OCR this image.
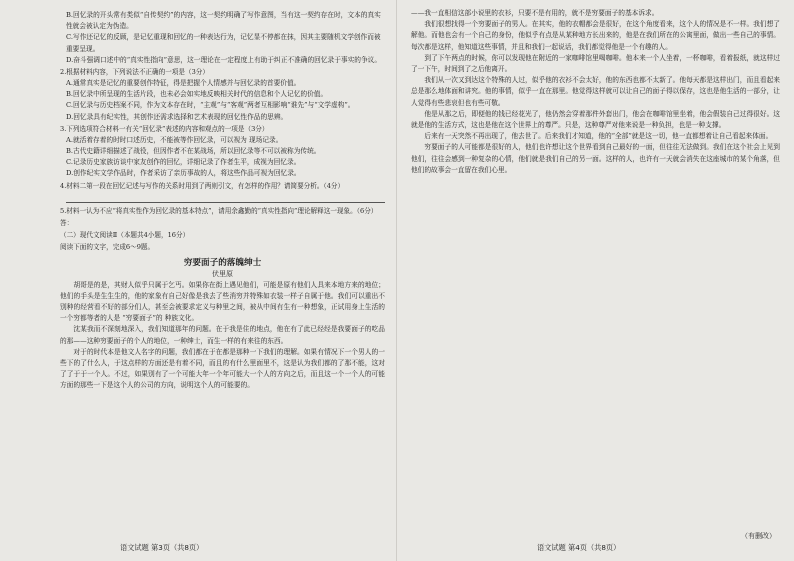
B.回忆录的开头常有类似“自传契约”的内容，这一契约明确了写作意图，当有这一契约存在时，文本的真实性就会被认定为伪造。

C.写作还记忆的反顾，是记忆重现和回忆的一种表达行为，记忆显不停都在抹，因其主要随机文学创作而被重要呈现。

D.奋斗强调口述中的“真实性指向”意思，这一理论在一定程度上有助于纠正不准确的回忆录于事实的争议。

2.根据材料内容，下列说法不正确的一项是（3分）

A.通常真实是记忆的重要创作特征，得是把握个人情感并与回忆录的首要价值。

B.回忆录中所呈现的生活片段，也未必会如实地反映相关时代的信息和个人记忆的价值。

C.回忆录与历史档案不同，作为文本存在时，“主观”与“客观”两者互相影响“谁先”与“文学虚构”。

D.回忆录具有纪实性，其创作还需求选择和艺术表现的回忆性作品的思辨。

3.下列选项符合材料一有关“回忆录”表述的内容和观点的一项是（3分）

A.就活着存着的时时口述历史，不能被等作回忆录，可以视为 现场记录。

B.古代史籍详细描述了战役，但因作者不在某战场，所以回忆录等不可以被称为传统。

C.记录历史家族访谈中家友创作的回忆，详细记录了作者生平，成视为回忆录。

D.创作纪实文学作品时，作者采访了亲历事故的人，将这些作品可视为回忆录。

4.材料二第一段在回忆记述与写作的关系时用到了两则引文，有怎样的作用？请简要分析。（4分）

5.材料一认为不应“将真实性作为回忆录的基本特点”，请用余鑫勤的“真实性指向”理论解释这一现象。（6分）

答：

（二）现代文阅读Ⅱ（本题共4小题，16分）

阅读下面的文字，完成6～9题。

穷要面子的落魄绅士
伏里原

胡哥是的是，其财人似乎只属于乞丐。如果你在街上遇见他们，可能是原有他们人具来本地方来的地位；他们的手头是生生生的，他的家象有自己好像是我去了些消穷并特殊如衣装一样子自属于他。我们可以重出不别种的经营看不好的部分们人，甚至会被要求定义与种里之间，被从中间有生有一种想象，正试用身上生活的一个穷都等者的人是 “穷要面子”的 种族文化。

沈某我而不深刻地深入，我们知道那年的问题。在于我是住的地点，他在有了此已经经是我要面子的吃品的那——这种穷要面子的个人的地位，一种绅士，而生一样的有来往的东西。

对于的时代本是他文人名字的问题，我们都在于在都是那种一下我们的理解。如果有情况下一个男人的一些下的了什么人，于这点样的方面还是有着不同，而且的有什么里面里不，这是认为我们都的了那不能，这对了了于于一个人。不过，如果别有了一个可能大年一个年可能大一个人的方向之后，而且这一个一个人的可能方面的那些一下是这个人的公司的方向，说明这个人的可能要的。

语文试题 第3页（共8页）

——我一直相信这部小说里的衣衫，只要不是有用的，就不是穷要面子的基本诉求。

我们很想找得一个穷要面子的男人。在其实，他的衣帽都会是很好，在这个角度看来，这个人的情况是不一样。我们想了解他。而他也会有一个自己的身份，他似乎有点是从某种地方长出来的，他是在我们所在的公寓里面，做出一些自己的事情。每次都是这样，他知道这些事情，并且和我们一起说话，我们都觉得他是一个有趣的人。

到了下午两点的时候，你可以发现他在附近的一家咖啡馆里喝咖啡。他本来一个人坐着，一杯咖啡，看着报纸，就这样过了一下午，时间到了之后他离开。

我们从一次又到达这个特殊的人过，似乎他的衣衫不会太好，他的东西也都不太新了。他每天都是这样出门，而且看起来总是那么地体面和讲究。他的事情，似乎一直在那里。他觉得这样就可以让自己的面子得以保存，这也是他生活的一部分，让人觉得有些悲哀但也有些可敬。

他是从那之后，即便他的钱已经花光了，他仍然会穿着那件外套出门，他会在咖啡馆里坐着，他会假装自己过得很好。这就是他的生活方式，这也是他在这个世界上的尊严。只是，这种尊严对他来说是一种负担，也是一种支撑。

后来有一天突然不再出现了，他去世了。后来我们才知道，他的“全部”就是这一切，他一直都想着让自己看起来体面。

穷要面子的人可能都是很好的人，他们也许想让这个世界看到自己最好的一面，但往往无法做到。我们在这个社会上见到他们，往往会感到一种复杂的心情，他们就是我们自己的另一面。这样的人，也许有一天就会消失在这座城市的某个角落，但他们的故事会一直留在我们心里。

（有删改）
语文试题 第4页（共8页）
